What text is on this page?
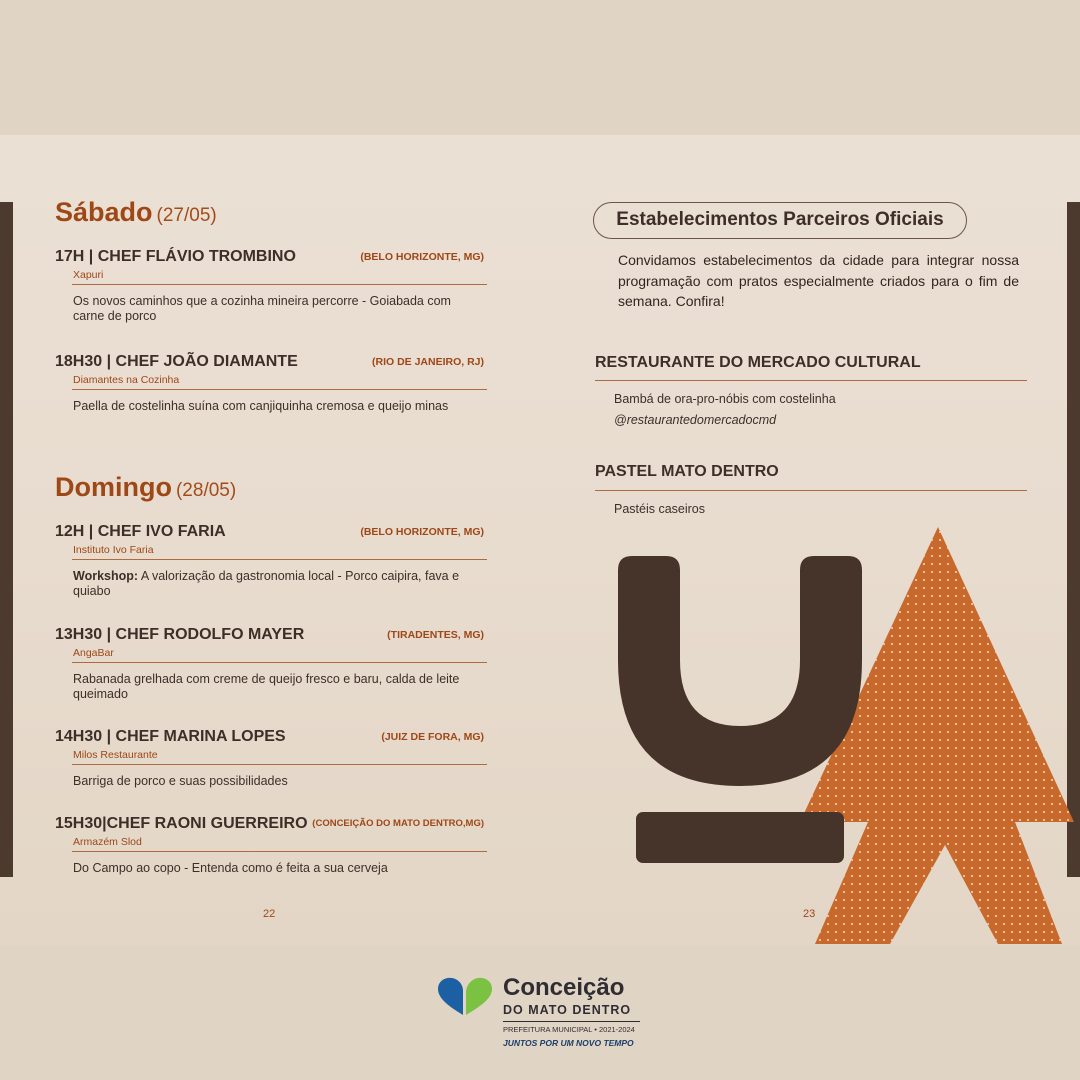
Sábado (27/05)
17H | CHEF FLÁVIO TROMBINO	(BELO HORIZONTE, MG)
Xapuri
Os novos caminhos que a cozinha mineira percorre - Goiabada com carne de porco
18H30 | CHEF JOÃO DIAMANTE	(RIO DE JANEIRO, RJ)
Diamantes na Cozinha
Paella de costelinha suína com canjiquinha cremosa e queijo minas
Domingo (28/05)
12H | CHEF IVO FARIA	(BELO HORIZONTE, MG)
Instituto Ivo Faria
Workshop: A valorização da gastronomia local - Porco caipira, fava e quiabo
13H30 | CHEF RODOLFO MAYER	(TIRADENTES, MG)
AngaBar
Rabanada grelhada com creme de queijo fresco e baru, calda de leite queimado
14H30 | CHEF MARINA LOPES	(JUIZ DE FORA, MG)
Milos Restaurante
Barriga de porco e suas possibilidades
15H30|CHEF RAONI GUERREIRO (CONCEIÇÃO DO MATO DENTRO,MG)
Armazém Slod
Do Campo ao copo - Entenda como é feita a sua cerveja
22
Estabelecimentos Parceiros Oficiais
Convidamos estabelecimentos da cidade para integrar nossa programação com pratos especialmente criados para o fim de semana. Confira!
RESTAURANTE DO MERCADO CULTURAL
Bambá de ora-pro-nóbis com costelinha
@restaurantedomercadocmd
PASTEL MATO DENTRO
Pastéis caseiros
23
Conceição
DO MATO DENTRO
PREFEITURA MUNICIPAL • 2021-2024
JUNTOS POR UM NOVO TEMPO
